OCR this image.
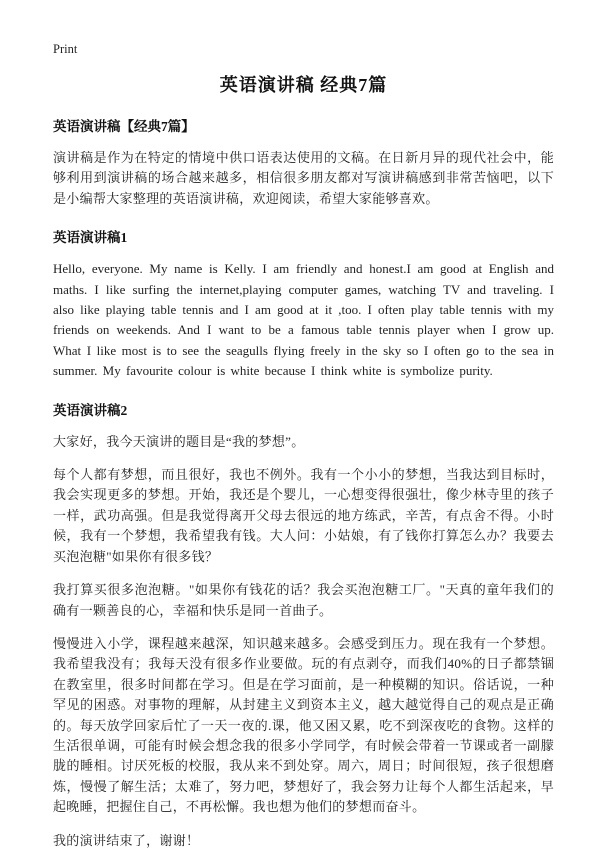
Print
英语演讲稿 经典7篇
英语演讲稿【经典7篇】

演讲稿是作为在特定的情境中供口语表达使用的文稿。在日新月异的现代社会中，能够利用到演讲稿的场合越来越多，相信很多朋友都对写演讲稿感到非常苦恼吧，以下是小编帮大家整理的英语演讲稿，欢迎阅读，希望大家能够喜欢。

英语演讲稿1

Hello, everyone. My name is Kelly. I am friendly and honest.I am good at English and maths. I like surfing the internet,playing computer games, watching TV and traveling. I also like playing table tennis and I am good at it ,too. I often play table tennis with my friends on weekends. And I want to be a famous table tennis player when I grow up. What I like most is to see the seagulls flying freely in the sky so I often go to the sea in summer. My favourite colour is white because I think white is symbolize purity.

英语演讲稿2

大家好，我今天演讲的题目是“我的梦想”。

每个人都有梦想，而且很好，我也不例外。我有一个小小的梦想，当我达到目标时，我会实现更多的梦想。开始，我还是个婴儿，一心想变得很强壮，像少林寺里的孩子一样，武功高强。但是我觉得离开父母去很远的地方练武，辛苦，有点舍不得。小时候，我有一个梦想，我希望我有钱。大人问：小姑娘，有了钱你打算怎么办？我要去买泡泡糖"如果你有很多钱？

我打算买很多泡泡糖。"如果你有钱花的话？我会买泡泡糖工厂。"天真的童年我们的确有一颗善良的心，幸福和快乐是同一首曲子。

慢慢进入小学，课程越来越深，知识越来越多。会感受到压力。现在我有一个梦想。我希望我没有；我每天没有很多作业要做。玩的有点剥夺，而我们40%的日子都禁锢在教室里，很多时间都在学习。但是在学习面前，是一种模糊的知识。俗话说，一种罕见的困惑。对事物的理解，从封建主义到资本主义，越大越觉得自己的观点是正确的。每天放学回家后忙了一天一夜的.课，他又困又累，吃不到深夜吃的食物。这样的生活很单调，可能有时候会想念我的很多小学同学，有时候会带着一节课或者一副朦胧的睡相。讨厌死板的校服，我从来不到处穿。周六，周日；时间很短，孩子很想磨炼，慢慢了解生活；太难了，努力吧，梦想好了，我会努力让每个人都生活起来，早起晚睡，把握住自己，不再松懈。我也想为他们的梦想而奋斗。

我的演讲结束了，谢谢！
